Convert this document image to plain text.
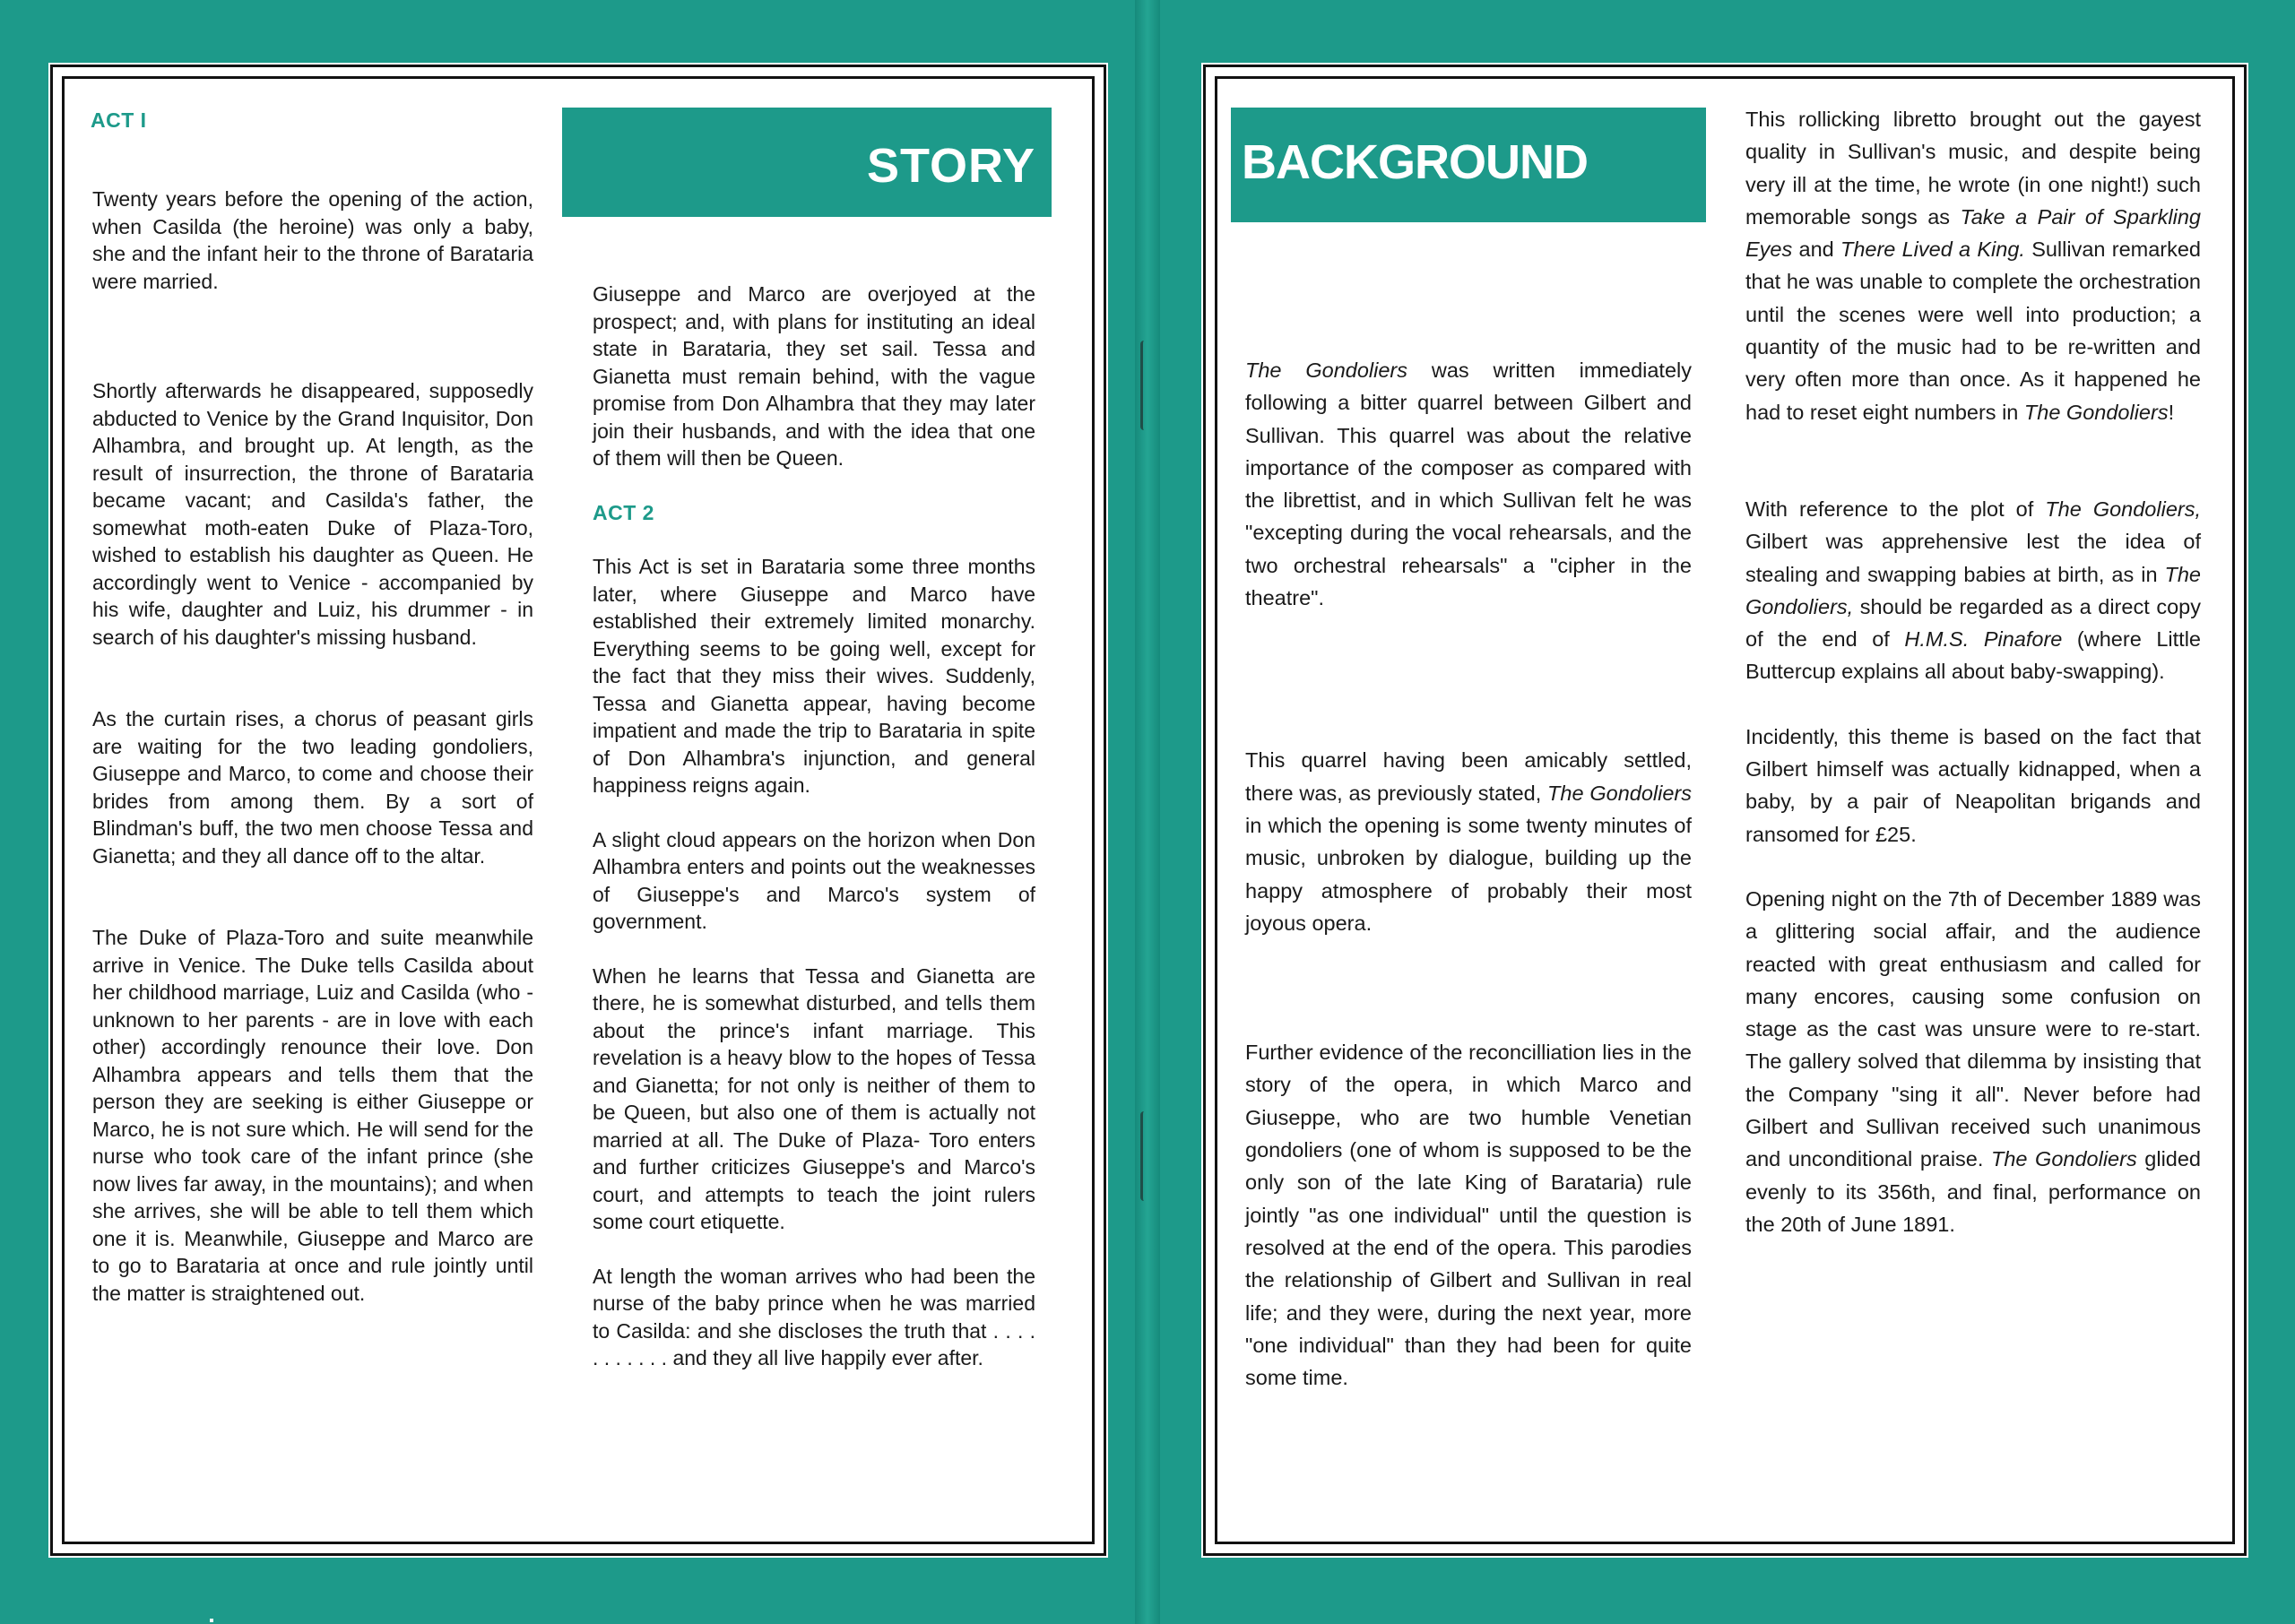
ACT I
STORY

Twenty years before the opening of the action, when Casilda (the heroine) was only a baby, she and the infant heir to the throne of Barataria were married.

Shortly afterwards he disappeared, supposedly abducted to Venice by the Grand Inquisitor, Don Alhambra, and brought up. At length, as the result of insurrection, the throne of Barataria became vacant; and Casilda's father, the somewhat moth-eaten Duke of Plaza-Toro, wished to establish his daughter as Queen. He accordingly went to Venice - accompanied by his wife, daughter and Luiz, his drummer - in search of his daughter's missing husband.

As the curtain rises, a chorus of peasant girls are waiting for the two leading gondoliers, Giuseppe and Marco, to come and choose their brides from among them. By a sort of Blindman's buff, the two men choose Tessa and Gianetta; and they all dance off to the altar.

The Duke of Plaza-Toro and suite meanwhile arrive in Venice. The Duke tells Casilda about her childhood marriage, Luiz and Casilda (who - unknown to her parents - are in love with each other) accordingly renounce their love. Don Alhambra appears and tells them that the person they are seeking is either Giuseppe or Marco, he is not sure which. He will send for the nurse who took care of the infant prince (she now lives far away, in the mountains); and when she arrives, she will be able to tell them which one it is. Meanwhile, Giuseppe and Marco are to go to Barataria at once and rule jointly until the matter is straightened out.

Giuseppe and Marco are overjoyed at the prospect; and, with plans for instituting an ideal state in Barataria, they set sail. Tessa and Gianetta must remain behind, with the vague promise from Don Alhambra that they may later join their husbands, and with the idea that one of them will then be Queen.

ACT 2

This Act is set in Barataria some three months later, where Giuseppe and Marco have established their extremely limited monarchy. Everything seems to be going well, except for the fact that they miss their wives. Suddenly, Tessa and Gianetta appear, having become impatient and made the trip to Barataria in spite of Don Alhambra's injunction, and general happiness reigns again.

A slight cloud appears on the horizon when Don Alhambra enters and points out the weaknesses of Giuseppe's and Marco's system of government.

When he learns that Tessa and Gianetta are there, he is somewhat disturbed, and tells them about the prince's infant marriage. This revelation is a heavy blow to the hopes of Tessa and Gianetta; for not only is neither of them to be Queen, but also one of them is actually not married at all. The Duke of Plaza- Toro enters and further criticizes Giuseppe's and Marco's court, and attempts to teach the joint rulers some court etiquette.

At length the woman arrives who had been the nurse of the baby prince when he was married to Casilda: and she discloses the truth that . . . . . . . . . . . and they all live happily ever after.

BACKGROUND

The Gondoliers was written immediately following a bitter quarrel between Gilbert and Sullivan. This quarrel was about the relative importance of the composer as compared with the librettist, and in which Sullivan felt he was "excepting during the vocal rehearsals, and the two orchestral rehearsals" a "cipher in the theatre".

This quarrel having been amicably settled, there was, as previously stated, The Gondoliers in which the opening is some twenty minutes of music, unbroken by dialogue, building up the happy atmosphere of probably their most joyous opera.

Further evidence of the reconcilliation lies in the story of the opera, in which Marco and Giuseppe, who are two humble Venetian gondoliers (one of whom is supposed to be the only son of the late King of Barataria) rule jointly "as one individual" until the question is resolved at the end of the opera. This parodies the relationship of Gilbert and Sullivan in real life; and they were, during the next year, more "one individual" than they had been for quite some time.

This rollicking libretto brought out the gayest quality in Sullivan's music, and despite being very ill at the time, he wrote (in one night!) such memorable songs as Take a Pair of Sparkling Eyes and There Lived a King. Sullivan remarked that he was unable to complete the orchestration until the scenes were well into production; a quantity of the music had to be re-written and very often more than once. As it happened he had to reset eight numbers in The Gondoliers!

With reference to the plot of The Gondoliers, Gilbert was apprehensive lest the idea of stealing and swapping babies at birth, as in The Gondoliers, should be regarded as a direct copy of the end of H.M.S. Pinafore (where Little Buttercup explains all about baby-swapping).

Incidently, this theme is based on the fact that Gilbert himself was actually kidnapped, when a baby, by a pair of Neapolitan brigands and ransomed for £25.

Opening night on the 7th of December 1889 was a glittering social affair, and the audience reacted with great enthusiasm and called for many encores, causing some confusion on stage as the cast was unsure were to re-start. The gallery solved that dilemma by insisting that the Company "sing it all". Never before had Gilbert and Sullivan received such unanimous and unconditional praise. The Gondoliers glided evenly to its 356th, and final, performance on the 20th of June 1891.
